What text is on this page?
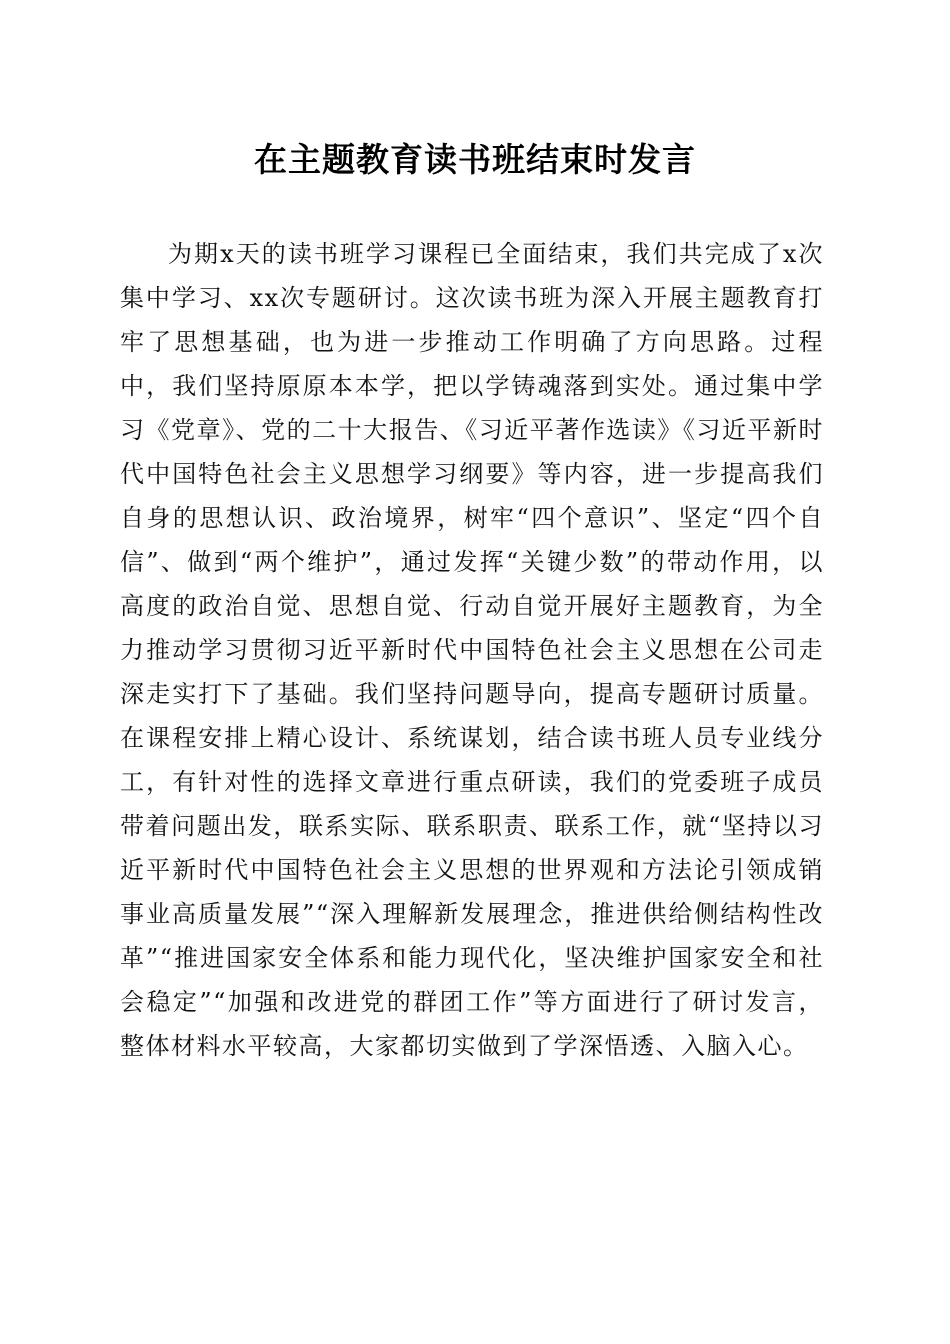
在主题教育读书班结束时发言

为期x天的读书班学习课程已全面结束，我们共完成了x次集中学习、xx次专题研讨。这次读书班为深入开展主题教育打牢了思想基础，也为进一步推动工作明确了方向思路。过程中，我们坚持原原本本学，把以学铸魂落到实处。通过集中学习《党章》、党的二十大报告、《习近平著作选读》《习近平新时代中国特色社会主义思想学习纲要》等内容，进一步提高我们自身的思想认识、政治境界，树牢“四个意识”、坚定“四个自信”、做到“两个维护”，通过发挥“关键少数”的带动作用，以高度的政治自觉、思想自觉、行动自觉开展好主题教育，为全力推动学习贯彻习近平新时代中国特色社会主义思想在公司走深走实打下了基础。我们坚持问题导向，提高专题研讨质量。在课程安排上精心设计、系统谋划，结合读书班人员专业线分工，有针对性的选择文章进行重点研读，我们的党委班子成员带着问题出发，联系实际、联系职责、联系工作，就“坚持以习近平新时代中国特色社会主义思想的世界观和方法论引领成销事业高质量发展”“深入理解新发展理念，推进供给侧结构性改革”“推进国家安全体系和能力现代化，坚决维护国家安全和社会稳定”“加强和改进党的群团工作”等方面进行了研讨发言，整体材料水平较高，大家都切实做到了学深悟透、入脑入心。
